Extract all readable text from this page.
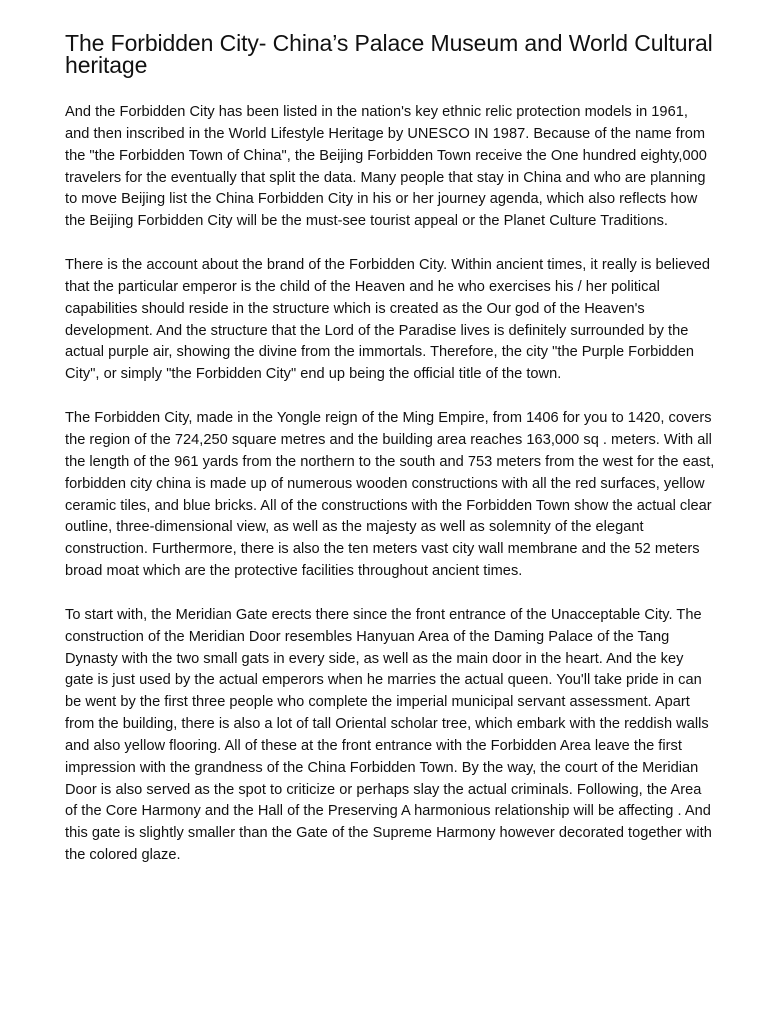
The Forbidden City- China’s Palace Museum and World Cultural heritage

And the Forbidden City has been listed in the nation's key ethnic relic protection models in 1961, and then inscribed in the World Lifestyle Heritage by UNESCO IN 1987. Because of the name from the "the Forbidden Town of China", the Beijing Forbidden Town receive the One hundred eighty,000 travelers for the eventually that split the data. Many people that stay in China and who are planning to move Beijing list the China Forbidden City in his or her journey agenda, which also reflects how the Beijing Forbidden City will be the must-see tourist appeal or the Planet Culture Traditions.

There is the account about the brand of the Forbidden City. Within ancient times, it really is believed that the particular emperor is the child of the Heaven and he who exercises his / her political capabilities should reside in the structure which is created as the Our god of the Heaven's development. And the structure that the Lord of the Paradise lives is definitely surrounded by the actual purple air, showing the divine from the immortals. Therefore, the city "the Purple Forbidden City", or simply "the Forbidden City" end up being the official title of the town.

The Forbidden City, made in the Yongle reign of the Ming Empire, from 1406 for you to 1420, covers the region of the 724,250 square metres and the building area reaches 163,000 sq . meters. With all the length of the 961 yards from the northern to the south and 753 meters from the west for the east, forbidden city china is made up of numerous wooden constructions with all the red surfaces, yellow ceramic tiles, and blue bricks. All of the constructions with the Forbidden Town show the actual clear outline, three-dimensional view, as well as the majesty as well as solemnity of the elegant construction. Furthermore, there is also the ten meters vast city wall membrane and the 52 meters broad moat which are the protective facilities throughout ancient times.

To start with, the Meridian Gate erects there since the front entrance of the Unacceptable City. The construction of the Meridian Door resembles Hanyuan Area of the Daming Palace of the Tang Dynasty with the two small gats in every side, as well as the main door in the heart. And the key gate is just used by the actual emperors when he marries the actual queen. You'll take pride in can be went by the first three people who complete the imperial municipal servant assessment. Apart from the building, there is also a lot of tall Oriental scholar tree, which embark with the reddish walls and also yellow flooring. All of these at the front entrance with the Forbidden Area leave the first impression with the grandness of the China Forbidden Town. By the way, the court of the Meridian Door is also served as the spot to criticize or perhaps slay the actual criminals. Following, the Area of the Core Harmony and the Hall of the Preserving A harmonious relationship will be affecting . And this gate is slightly smaller than the Gate of the Supreme Harmony however decorated together with the colored glaze.
